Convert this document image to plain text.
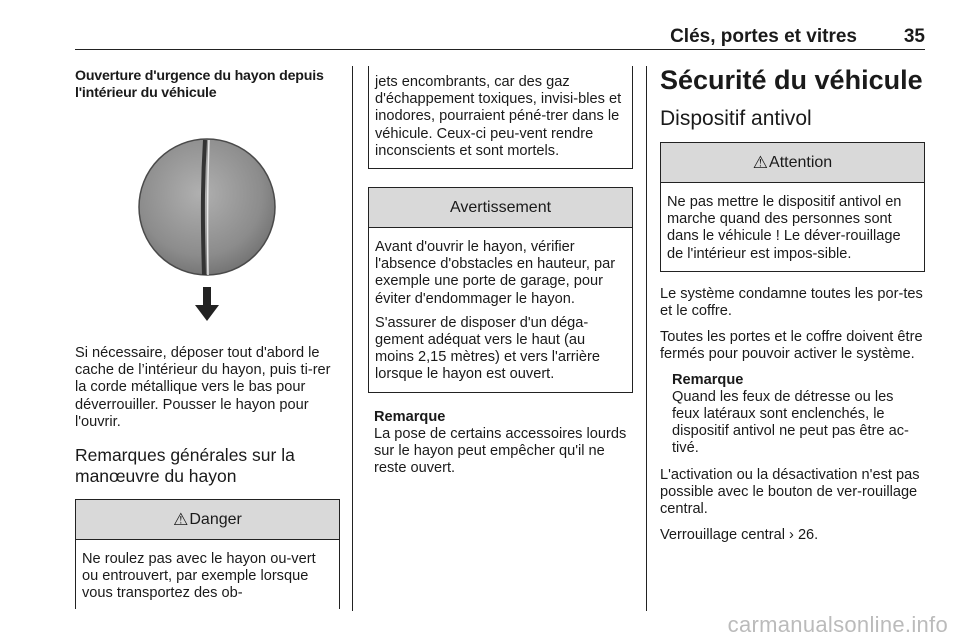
Clés, portes et vitres 35
Ouverture d'urgence du hayon depuis l'intérieur du véhicule
Si nécessaire, déposer tout d'abord le cache de l’intérieur du hayon, puis ti-rer la corde métallique vers le bas pour déverrouiller. Pousser le hayon pour l'ouvrir.
Remarques générales sur la manœuvre du hayon
⚠ Danger
Ne roulez pas avec le hayon ou-vert ou entrouvert, par exemple lorsque vous transportez des ob-
jets encombrants, car des gaz d'échappement toxiques, invisi-bles et inodores, pourraient péné-trer dans le véhicule. Ceux-ci peu-vent rendre inconscients et sont mortels.
Avertissement
Avant d'ouvrir le hayon, vérifier l'absence d'obstacles en hauteur, par exemple une porte de garage, pour éviter d'endommager le hayon.
S'assurer de disposer d'un déga-gement adéquat vers le haut (au moins 2,15 mètres) et vers l'arrière lorsque le hayon est ouvert.
Remarque
La pose de certains accessoires lourds sur le hayon peut empêcher qu'il ne reste ouvert.
Sécurité du véhicule
Dispositif antivol
⚠ Attention
Ne pas mettre le dispositif antivol en marche quand des personnes sont dans le véhicule ! Le déver-rouillage de l'intérieur est impos-sible.
Le système condamne toutes les por-tes et le coffre.
Toutes les portes et le coffre doivent être fermés pour pouvoir activer le système.
Remarque
Quand les feux de détresse ou les feux latéraux sont enclenchés, le dispositif antivol ne peut pas être ac-tivé.
L'activation ou la désactivation n'est pas possible avec le bouton de ver-rouillage central.
Verrouillage central › 26.
carmanualsonline.info
